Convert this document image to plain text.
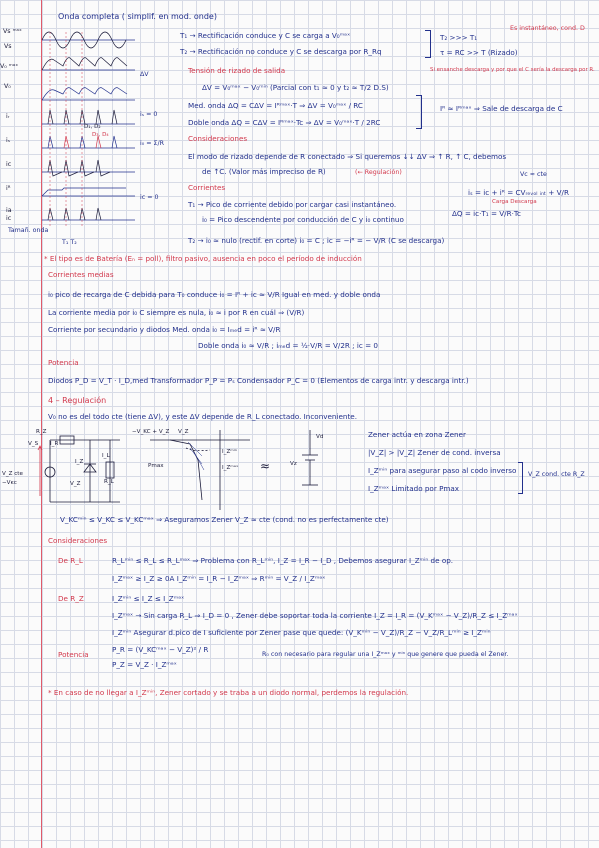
Onda completa ( simplif. en mod. onde)
Vs ᵐᵃˣ
Vs
V₀ ᵐᵃˣ
V₀
iᵣ
iₛ
iᴄ
iᴿ
ia
ic
ΔV
D₁, D₂
D₃, D₄
iₛ = 0
i₀ = Σ/R
iᴄ = 0
Tamañ. onda
T₁ T₂
T₁ → Rectificación conduce y C se carga a V₀ᵐᵃˣ
T₂ → Rectificación no conduce y C se descarga por R_Rq
T₂ >>> T₁
τ = RC >> T (Rizado)
Es instantáneo, cond. D
Si ensanche descarga y por que el C sería la descarga por R.
Tensión de rizado de salida
ΔV = V₀ᵐᵃˣ − V₀ᵐⁱⁿ (Parcial con t₁ ≈ 0 y t₂ ≈ T/2 D.S)
Med. onda ΔQ = CΔV = Iᴿᵐᵃˣ·T ⇒ ΔV = V₀ᵐᵃˣ / RC
Doble onda ΔQ = CΔV = Iᴿᵐᵃˣ·Tc ⇒ ΔV = V₀ᵐᵃˣ·T / 2RC
Iᴿ ≈ Iᴿᵐᵃˣ ⇒ Sale de descarga de C
Consideraciones
El modo de rizado depende de R conectado ⇒ Si queremos ↓↓ ΔV ⇒ ↑ R, ↑ C, debemos
de ↑C. (Valor más impreciso de R)	(← Regulación)	Vᴄ ≈ cte
Corrientes
T₁ → Pico de corriente debido por cargar casi instantáneo.
i₀ = Pico descendente por conducción de C y i₀ continuo
T₂ → i₀ ≈ nulo (rectif. en corte) i₀ = C ; iᴄ = −iᴿ = − V/R (C se descarga)
iₛ = iᴄ + iᴿ = CVᵣₑᵥₒₗ ᵢₙₜ + V/R
Carga Descarga
ΔQ = iᴄ·T₁ = V/R·Tc
* El tipo es de Batería (Eₙ = poll), filtro pasivo, ausencia en poco el período de inducción
Corrientes medias
i₀ pico de recarga de C debida para T₀ conduce i₀ = Iᴿ + iᴄ ≈ V/R Igual en med. y doble onda
La corriente media por i₀ C siempre es nula, i₀ ≈ i por R en cuál ⇒ (V/R)
Corriente por secundario y diodos Med. onda i₀ = Iₘₑd = iᴿ ≈ V/R
Doble onda i₀ ≈ V/R ; iₘₑd = ½·V/R = V/2R ; iᴄ = 0
Potencia
Diodos P_D = V_T · I_D,med Transformador P_P = Pₛ Condensador P_C = 0 (Elementos de carga intr. y descarga intr.)
4 – Regulación
V₀ no es del todo cte (tiene ΔV), y este ΔV depende de R_L conectado. Inconveniente.
R_Z
I_R
I_Z
I_L
R_L
V_Z
V_Z cte
−Vᴋᴄ
V_S
−V_KC + V_Z V_Z
Pmax
I_Zᵐⁱⁿ
I_Zᵐᵃˣ ≈
Vd
Vz
Zener actúa en zona Zener
|V_Z| > |V_Z| Zener de cond. inversa
I_Zᵐⁱⁿ para asegurar paso al codo inverso
I_Zᵐᵃˣ Limitado por Pmax
V_Z cond. cte R_Z
V_KCᵐⁱⁿ ≤ V_KC ≤ V_KCᵐᵃˣ ⇒ Aseguramos Zener V_Z ≈ cte (cond. no es perfectamente cte)
Consideraciones
De R_L	R_Lᵐⁱⁿ ≤ R_L ≤ R_Lᵐᵃˣ ⇒ Problema con R_Lᵐⁱⁿ, I_Z = I_R − I_D , Debemos asegurar I_Zᵐⁱⁿ de op.
I_Zᵐᵃˣ ≥ I_Z ≥ 0A I_Zᵐⁱⁿ = I_R − I_Zᵐᵃˣ ⇒ Rᵐⁱⁿ = V_Z / I_Zᵐᵃˣ
De R_Z	I_Zᵐⁱⁿ ≤ I_Z ≤ I_Zᵐᵃˣ
I_Zᵐᵃˣ → Sin carga R_L ⇒ I_D = 0 , Zener debe soportar toda la corriente I_Z = I_R = (V_Kᵐᵃˣ − V_Z)/R_Z ≤ I_Zᵐᵃˣ
I_Zᵐⁱⁿ Asegurar d.pico de I suficiente por Zener pase que quede: (V_Kᵐⁱⁿ − V_Z)/R_Z − V_Z/R_Lᵐⁱⁿ ≥ I_Zᵐⁱⁿ
Potencia
P_R = (V_KCᵐᵃˣ − V_Z)² / R
P_Z = V_Z · I_Zᵐᵃˣ
R₀ con necesario para regular una I_Zᵐᵃˣ y ᵐⁱⁿ que genere que pueda el Zener.
* En caso de no llegar a I_Zᵐⁱⁿ, Zener cortado y se traba a un diodo normal, perdemos la regulación.
